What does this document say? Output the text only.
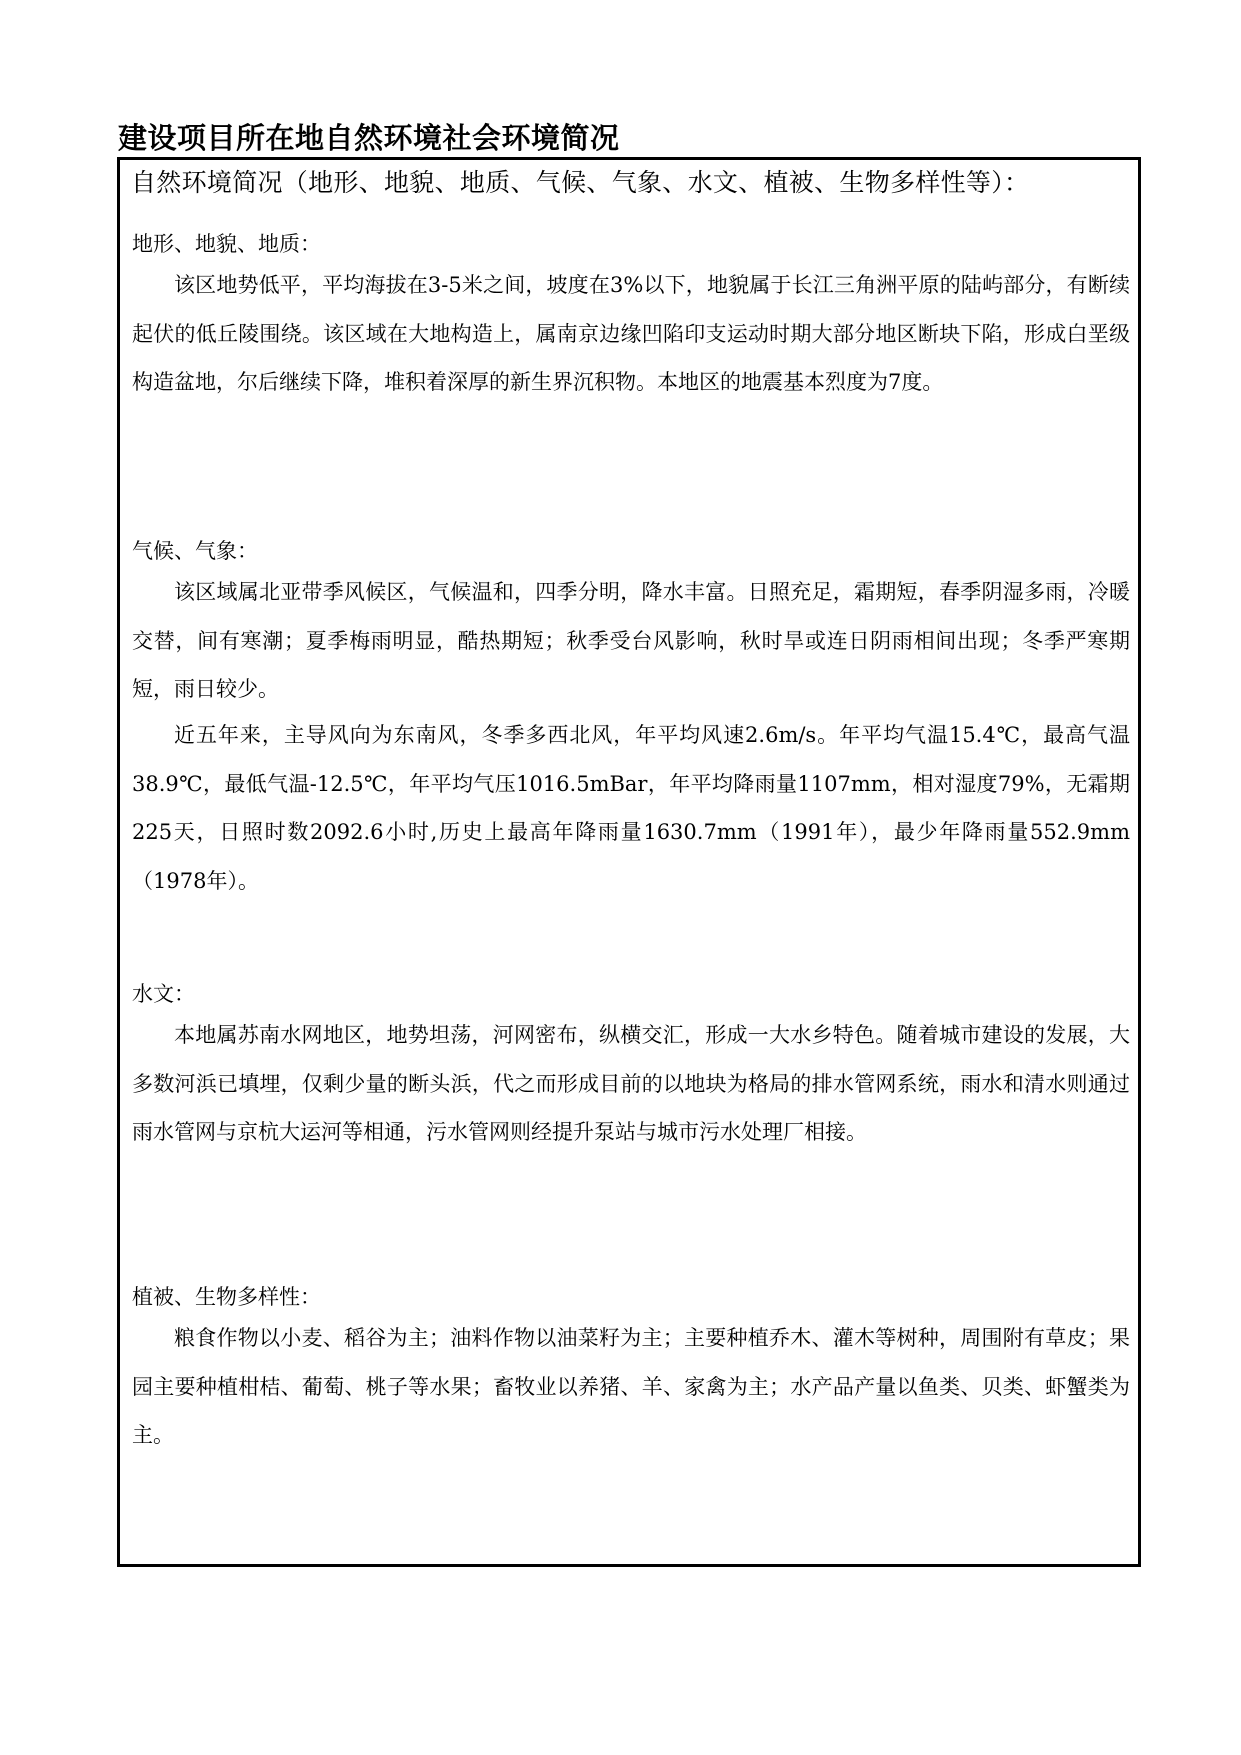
建设项目所在地自然环境社会环境简况
自然环境简况（地形、地貌、地质、气候、气象、水文、植被、生物多样性等）：
地形、地貌、地质：
该区地势低平，平均海拔在3-5米之间，坡度在3%以下，地貌属于长江三角洲平原的陆屿部分，有断续起伏的低丘陵围绕。该区域在大地构造上，属南京边缘凹陷印支运动时期大部分地区断块下陷，形成白垩级构造盆地，尔后继续下降，堆积着深厚的新生界沉积物。本地区的地震基本烈度为7度。
气候、气象：
该区域属北亚带季风候区，气候温和，四季分明，降水丰富。日照充足，霜期短，春季阴湿多雨，冷暖交替，间有寒潮；夏季梅雨明显，酷热期短；秋季受台风影响，秋时旱或连日阴雨相间出现；冬季严寒期短，雨日较少。
近五年来，主导风向为东南风，冬季多西北风，年平均风速2.6m/s。年平均气温15.4℃，最高气温38.9℃，最低气温-12.5℃，年平均气压1016.5mBar，年平均降雨量1107mm，相对湿度79%，无霜期225天，日照时数2092.6小时,历史上最高年降雨量1630.7mm（1991年），最少年降雨量552.9mm（1978年）。
水文：
本地属苏南水网地区，地势坦荡，河网密布，纵横交汇，形成一大水乡特色。随着城市建设的发展，大多数河浜已填埋，仅剩少量的断头浜，代之而形成目前的以地块为格局的排水管网系统，雨水和清水则通过雨水管网与京杭大运河等相通，污水管网则经提升泵站与城市污水处理厂相接。
植被、生物多样性：
粮食作物以小麦、稻谷为主；油料作物以油菜籽为主；主要种植乔木、灌木等树种，周围附有草皮；果园主要种植柑桔、葡萄、桃子等水果；畜牧业以养猪、羊、家禽为主；水产品产量以鱼类、贝类、虾蟹类为主。
